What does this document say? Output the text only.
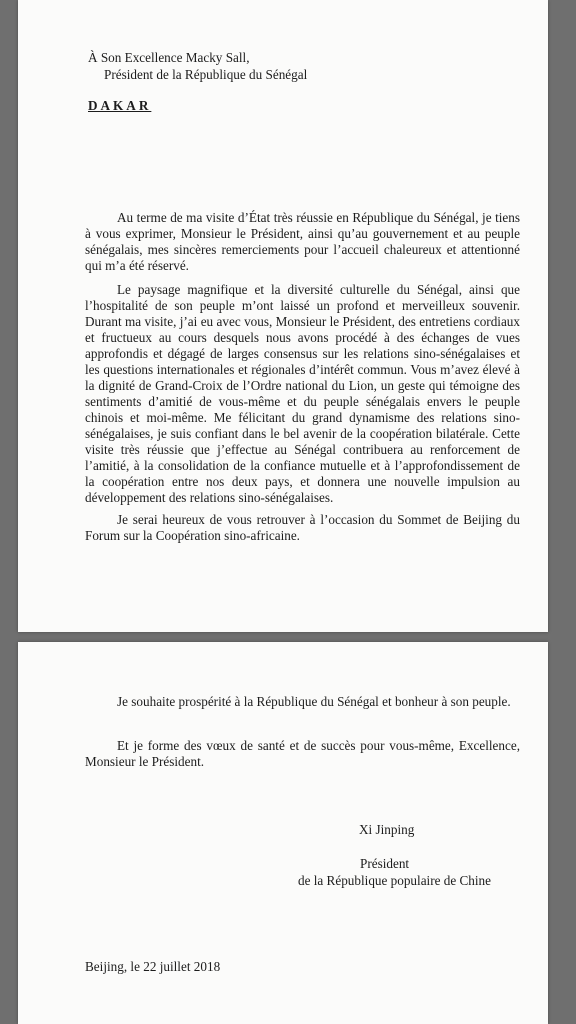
À Son Excellence Macky Sall,
Président de la République du Sénégal
DAKAR
Au terme de ma visite d’État très réussie en République du Sénégal, je tiens à vous exprimer, Monsieur le Président, ainsi qu’au gouvernement et au peuple sénégalais, mes sincères remerciements pour l’accueil chaleureux et attentionné qui m’a été réservé.
Le paysage magnifique et la diversité culturelle du Sénégal, ainsi que l’hospitalité de son peuple m’ont laissé un profond et merveilleux souvenir. Durant ma visite, j’ai eu avec vous, Monsieur le Président, des entretiens cordiaux et fructueux au cours desquels nous avons procédé à des échanges de vues approfondis et dégagé de larges consensus sur les relations sino-sénégalaises et les questions internationales et régionales d’intérêt commun. Vous m’avez élevé à la dignité de Grand-Croix de l’Ordre national du Lion, un geste qui témoigne des sentiments d’amitié de vous-même et du peuple sénégalais envers le peuple chinois et moi-même. Me félicitant du grand dynamisme des relations sino-sénégalaises, je suis confiant dans le bel avenir de la coopération bilatérale. Cette visite très réussie que j’effectue au Sénégal contribuera au renforcement de l’amitié, à la consolidation de la confiance mutuelle et à l’approfondissement de la coopération entre nos deux pays, et donnera une nouvelle impulsion au développement des relations sino-sénégalaises.
Je serai heureux de vous retrouver à l’occasion du Sommet de Beijing du Forum sur la Coopération sino-africaine.
Je souhaite prospérité à la République du Sénégal et bonheur à son peuple.
Et je forme des vœux de santé et de succès pour vous-même, Excellence, Monsieur le Président.
Xi Jinping
Président
de la République populaire de Chine
Beijing, le 22 juillet 2018
